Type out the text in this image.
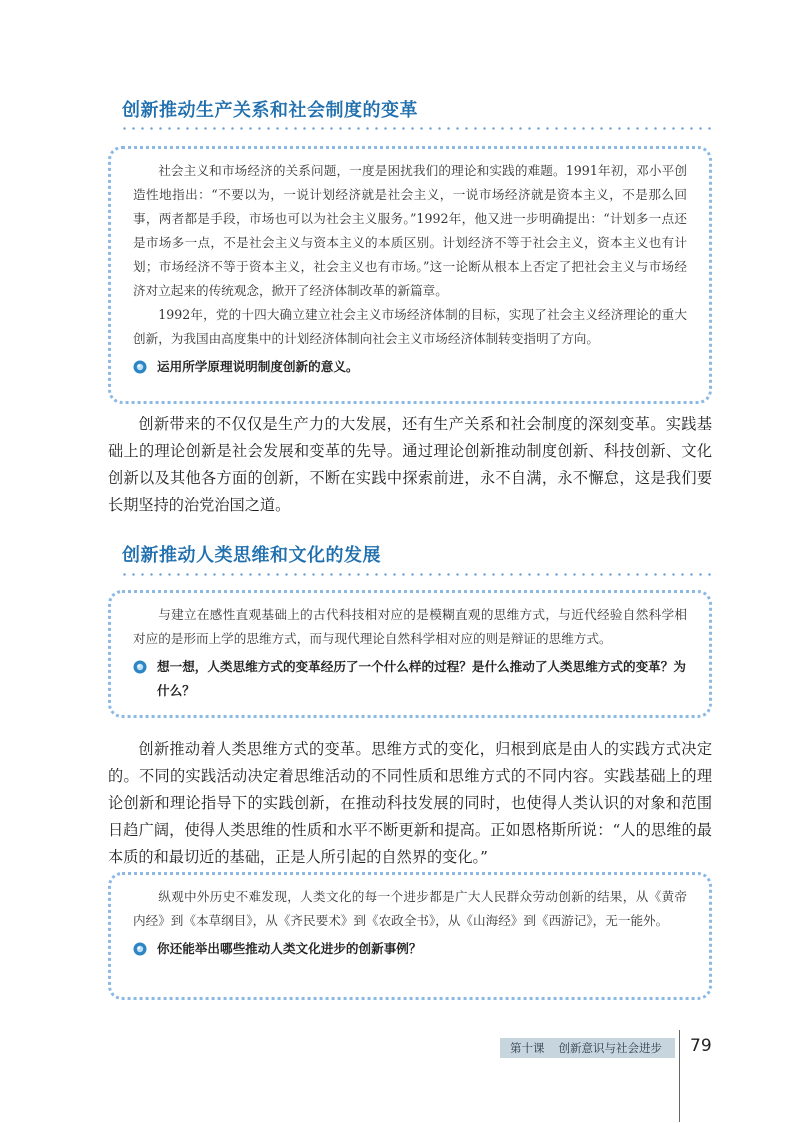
创新推动生产关系和社会制度的变革

社会主义和市场经济的关系问题，一度是困扰我们的理论和实践的难题。1991年初，邓小平创造性地指出：“不要以为，一说计划经济就是社会主义，一说市场经济就是资本主义，不是那么回事，两者都是手段，市场也可以为社会主义服务。”1992年，他又进一步明确提出：“计划多一点还是市场多一点，不是社会主义与资本主义的本质区别。计划经济不等于社会主义，资本主义也有计划；市场经济不等于资本主义，社会主义也有市场。”这一论断从根本上否定了把社会主义与市场经济对立起来的传统观念，掀开了经济体制改革的新篇章。

1992年，党的十四大确立建立社会主义市场经济体制的目标，实现了社会主义经济理论的重大创新，为我国由高度集中的计划经济体制向社会主义市场经济体制转变指明了方向。

运用所学原理说明制度创新的意义。

创新带来的不仅仅是生产力的大发展，还有生产关系和社会制度的深刻变革。实践基础上的理论创新是社会发展和变革的先导。通过理论创新推动制度创新、科技创新、文化创新以及其他各方面的创新，不断在实践中探索前进，永不自满，永不懈怠，这是我们要长期坚持的治党治国之道。

创新推动人类思维和文化的发展

与建立在感性直观基础上的古代科技相对应的是模糊直观的思维方式，与近代经验自然科学相对应的是形而上学的思维方式，而与现代理论自然科学相对应的则是辩证的思维方式。

想一想，人类思维方式的变革经历了一个什么样的过程？是什么推动了人类思维方式的变革？为什么？

创新推动着人类思维方式的变革。思维方式的变化，归根到底是由人的实践方式决定的。不同的实践活动决定着思维活动的不同性质和思维方式的不同内容。实践基础上的理论创新和理论指导下的实践创新，在推动科技发展的同时，也使得人类认识的对象和范围日趋广阔，使得人类思维的性质和水平不断更新和提高。正如恩格斯所说：“人的思维的最本质的和最切近的基础，正是人所引起的自然界的变化。”

纵观中外历史不难发现，人类文化的每一个进步都是广大人民群众劳动创新的结果，从《黄帝内经》到《本草纲目》，从《齐民要术》到《农政全书》，从《山海经》到《西游记》，无一能外。

你还能举出哪些推动人类文化进步的创新事例？
第十课 创新意识与社会进步 79
